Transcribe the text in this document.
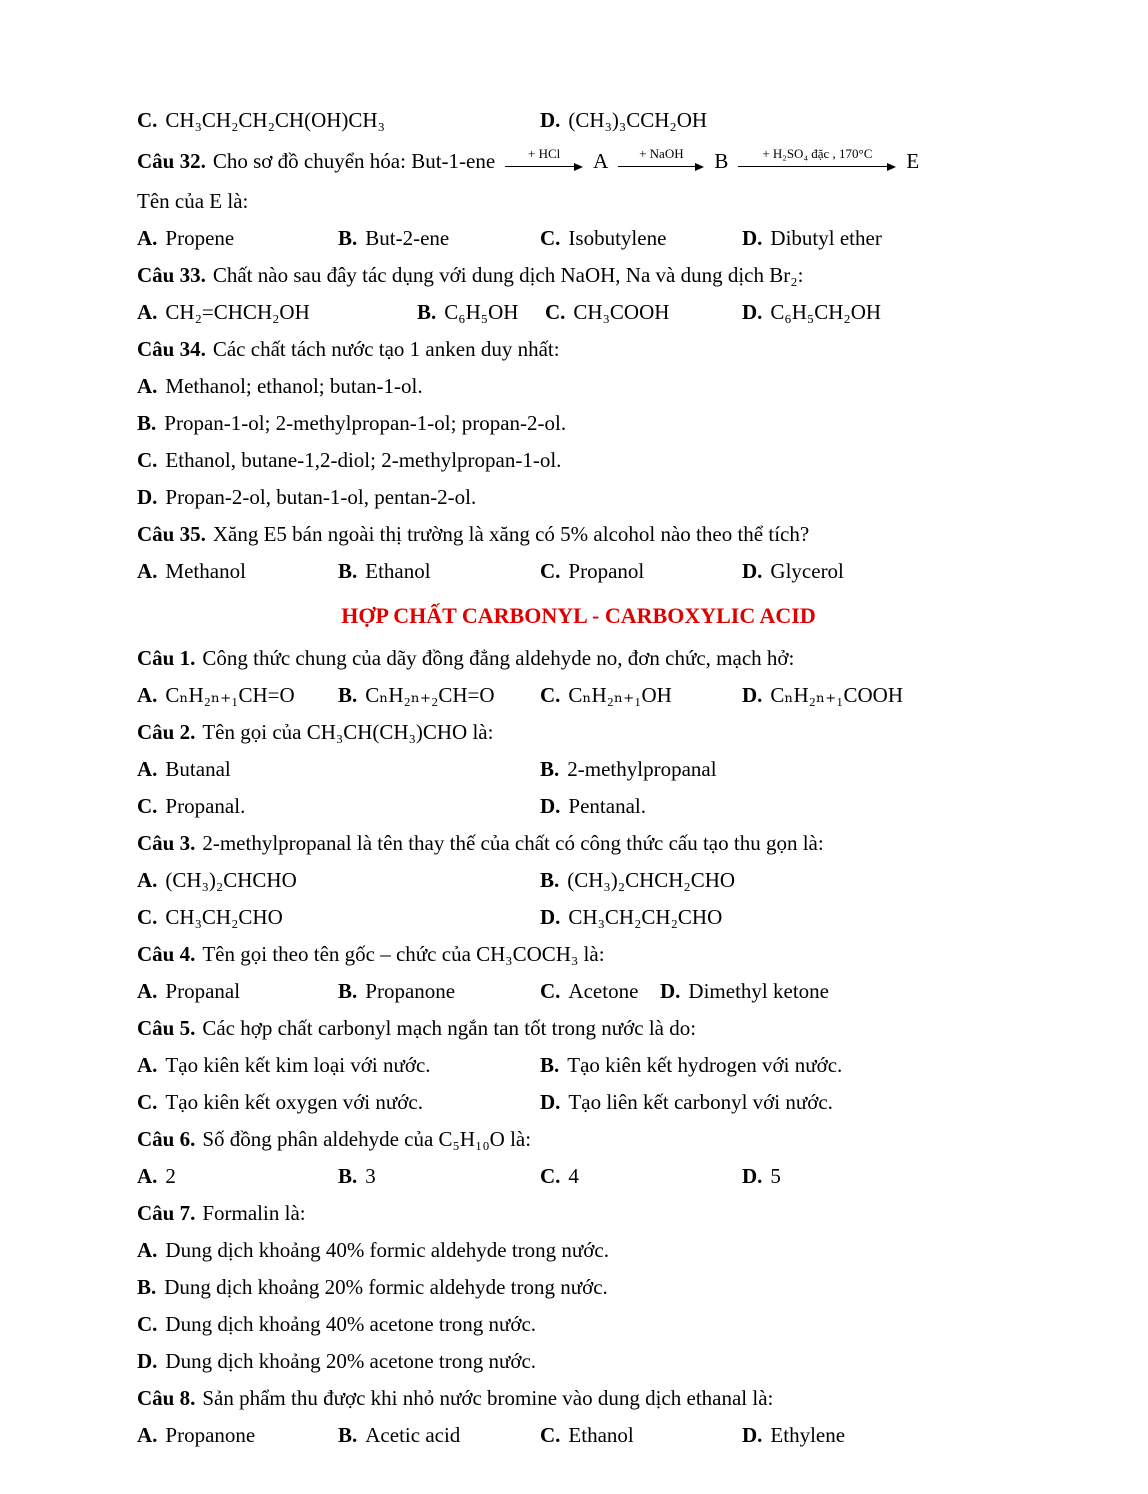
C. CH₃CH₂CH₂CH(OH)CH₃	D. (CH₃)₃CCH₂OH
Câu 32. Cho sơ đồ chuyển hóa: But-1-ene	+ HCl A + NaOH B	+ H₂SO₄ đặc , 170°C E

Tên của E là:

A. Propene	B. But-2-ene	C. Isobutylene	D. Dibutyl ether

Câu 33. Chất nào sau đây tác dụng với dung dịch NaOH, Na và dung dịch Br₂:

A. CH₂=CHCH₂OH	B. C₆H₅OH	C. CH₃COOH	D. C₆H₅CH₂OH

Câu 34. Các chất tách nước tạo 1 anken duy nhất:

A. Methanol; ethanol; butan-1-ol.
B. Propan-1-ol; 2-methylpropan-1-ol; propan-2-ol.
C. Ethanol, butane-1,2-diol; 2-methylpropan-1-ol.
D. Propan-2-ol, butan-1-ol, pentan-2-ol.

Câu 35. Xăng E5 bán ngoài thị trường là xăng có 5% alcohol nào theo thể tích?

A. Methanol	B. Ethanol	C. Propanol	D. Glycerol
HỢP CHẤT CARBONYL - CARBOXYLIC ACID

Câu 1. Công thức chung của dãy đồng đẳng aldehyde no, đơn chức, mạch hở:

A. CₙH₂ₙ₊₁CH=O	B. CₙH₂ₙ₊₂CH=O	C. CₙH₂ₙ₊₁OH	D. CₙH₂ₙ₊₁COOH

Câu 2. Tên gọi của CH₃CH(CH₃)CHO là:

A. Butanal	B. 2-methylpropanal
C. Propanal.	D. Pentanal.

Câu 3. 2-methylpropanal là tên thay thế của chất có công thức cấu tạo thu gọn là:

A. (CH₃)₂CHCHO	B. (CH₃)₂CHCH₂CHO
C. CH₃CH₂CHO	D. CH₃CH₂CH₂CHO

Câu 4. Tên gọi theo tên gốc – chức của CH₃COCH₃ là:

A. Propanal	B. Propanone	C. Acetone	D. Dimethyl ketone

Câu 5. Các hợp chất carbonyl mạch ngắn tan tốt trong nước là do:

A. Tạo kiên kết kim loại với nước.	B. Tạo kiên kết hydrogen với nước.
C. Tạo kiên kết oxygen với nước.	D. Tạo liên kết carbonyl với nước.

Câu 6. Số đồng phân aldehyde của C₅H₁₀O là:

A. 2	B. 3	C. 4	D. 5

Câu 7. Formalin là:

A. Dung dịch khoảng 40% formic aldehyde trong nước.
B. Dung dịch khoảng 20% formic aldehyde trong nước.
C. Dung dịch khoảng 40% acetone trong nước.
D. Dung dịch khoảng 20% acetone trong nước.

Câu 8. Sản phẩm thu được khi nhỏ nước bromine vào dung dịch ethanal là:

A. Propanone	B. Acetic acid	C. Ethanol	D. Ethylene
